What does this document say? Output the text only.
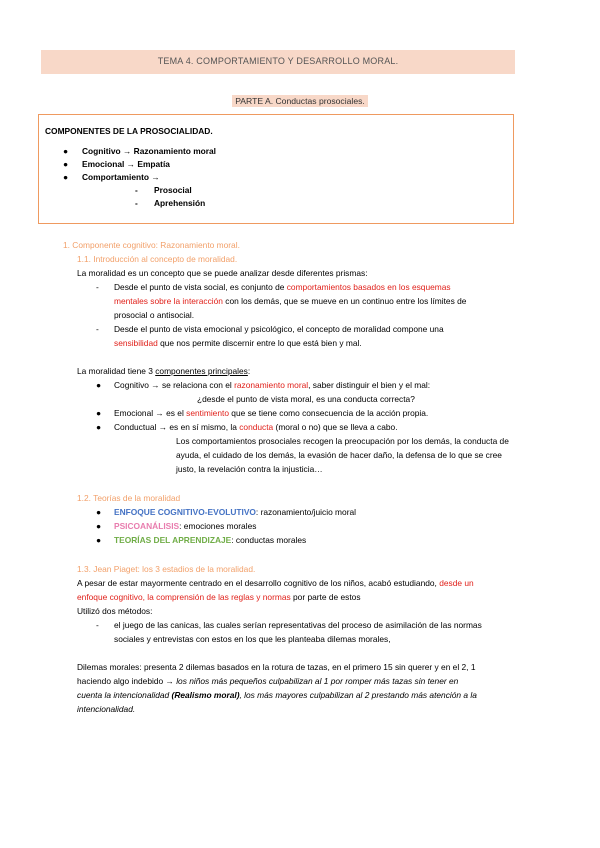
TEMA 4. COMPORTAMIENTO Y DESARROLLO MORAL.
PARTE A. Conductas prosociales.
COMPONENTES DE LA PROSOCIALIDAD.
● Cognitivo → Razonamiento moral
● Emocional → Empatía
● Comportamiento →
- Prosocial
- Aprehensión
1. Componente cognitivo: Razonamiento moral.
1.1. Introducción al concepto de moralidad.
La moralidad es un concepto que se puede analizar desde diferentes prismas:
- Desde el punto de vista social, es conjunto de comportamientos basados en los esquemas
mentales sobre la interacción con los demás, que se mueve en un continuo entre los límites de
prosocial o antisocial.
- Desde el punto de vista emocional y psicológico, el concepto de moralidad compone una
sensibilidad que nos permite discernir entre lo que está bien y mal.
La moralidad tiene 3 componentes principales:
● Cognitivo → se relaciona con el razonamiento moral, saber distinguir el bien y el mal:
¿desde el punto de vista moral, es una conducta correcta?
● Emocional → es el sentimiento que se tiene como consecuencia de la acción propia.
● Conductual → es en sí mismo, la conducta (moral o no) que se lleva a cabo.
Los comportamientos prosociales recogen la preocupación por los demás, la conducta de
ayuda, el cuidado de los demás, la evasión de hacer daño, la defensa de lo que se cree
justo, la revelación contra la injusticia…
1.2. Teorías de la moralidad
● ENFOQUE COGNITIVO-EVOLUTIVO: razonamiento/juicio moral
● PSICOANÁLISIS: emociones morales
● TEORÍAS DEL APRENDIZAJE: conductas morales
1.3. Jean Piaget: los 3 estadios de la moralidad.
A pesar de estar mayormente centrado en el desarrollo cognitivo de los niños, acabó estudiando, desde un
enfoque cognitivo, la comprensión de las reglas y normas por parte de estos
Utilizó dos métodos:
- el juego de las canicas, las cuales serían representativas del proceso de asimilación de las normas
sociales y entrevistas con estos en los que les planteaba dilemas morales,
Dilemas morales: presenta 2 dilemas basados en la rotura de tazas, en el primero 15 sin querer y en el 2, 1
haciendo algo indebido → los niños más pequeños culpabilizan al 1 por romper más tazas sin tener en
cuenta la intencionalidad (Realismo moral), los más mayores culpabilizan al 2 prestando más atención a la
intencionalidad.
